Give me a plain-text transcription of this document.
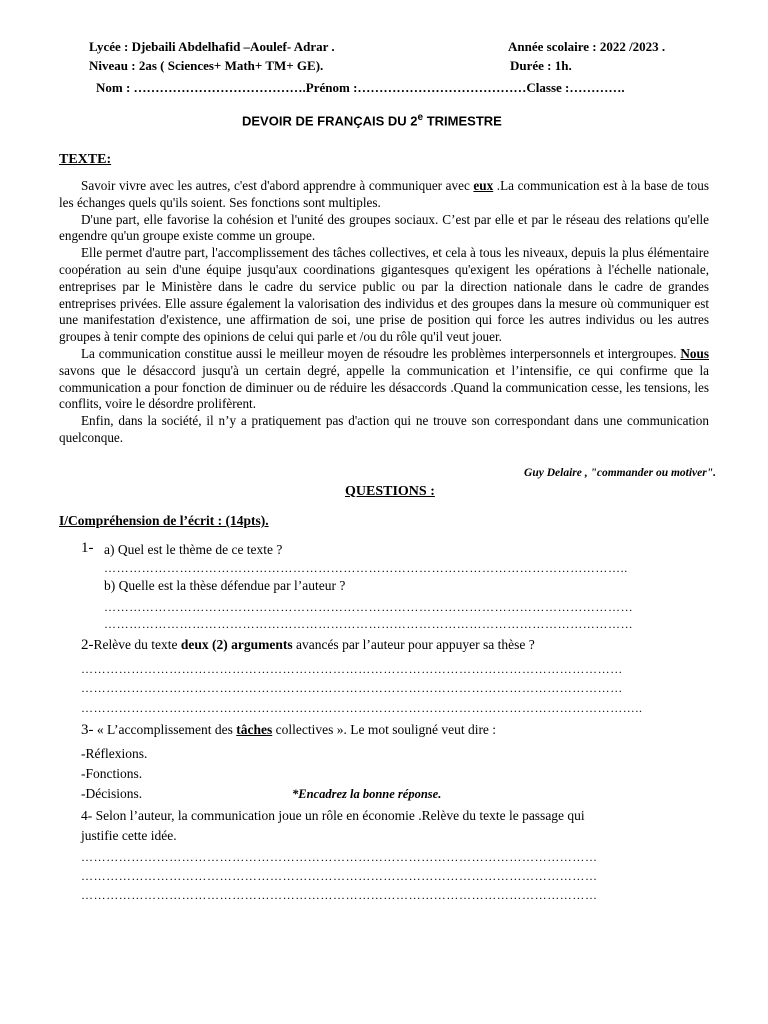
Lycée : Djebaili Abdelhafid –Aoulef- Adrar .	Année scolaire : 2022 /2023 .
Niveau : 2as ( Sciences+ Math+ TM+ GE).	Durée : 1h.
Nom : ………………………………….Prénom :…………………………………Classe :………….
DEVOIR DE FRANÇAIS DU 2e TRIMESTRE
TEXTE:

Savoir vivre avec les autres, c'est d'abord apprendre à communiquer avec eux .La communication est à la base de tous les échanges quels qu'ils soient. Ses fonctions sont multiples.

D'une part, elle favorise la cohésion et l'unité des groupes sociaux. C’est par elle et par le réseau des relations qu'elle engendre qu'un groupe existe comme un groupe.

Elle permet d'autre part, l'accomplissement des tâches collectives, et cela à tous les niveaux, depuis la plus élémentaire coopération au sein d'une équipe jusqu'aux coordinations gigantesques qu'exigent les opérations à l'échelle nationale, entreprises par le Ministère dans le cadre du service public ou par la direction nationale dans le cadre de grandes entreprises privées. Elle assure également la valorisation des individus et des groupes dans la mesure où communiquer est une manifestation d'existence, une affirmation de soi, une prise de position qui force les autres individus ou les autres groupes à tenir compte des opinions de celui qui parle et /ou du rôle qu'il veut jouer.

La communication constitue aussi le meilleur moyen de résoudre les problèmes interpersonnels et intergroupes. Nous savons que le désaccord jusqu'à un certain degré, appelle la communication et l’intensifie, ce qui confirme que la communication a pour fonction de diminuer ou de réduire les désaccords .Quand la communication cesse, les tensions, les conflits, voire le désordre prolifèrent.

Enfin, dans la société, il n’y a pratiquement pas d'action qui ne trouve son correspondant dans une communication quelconque.

Guy Delaire , "commander ou motiver".
QUESTIONS :
I/Compréhension de l’écrit : (14pts).
1- a) Quel est le thème de ce texte ?
……………………………………………………………………………………………………………..
b) Quelle est la thèse défendue par l’auteur ?
………………………………………………………………………………………………………………
………………………………………………………………………………………………………………
2-Relève du texte deux (2) arguments avancés par l’auteur pour appuyer sa thèse ?
…………………………………………………………………………………………………………………
…………………………………………………………………………………………………………………
……………………………………………………………………………………………………………………..
3- « L’accomplissement des tâches collectives ». Le mot souligné veut dire :
-Réflexions.
-Fonctions.
-Décisions.	*Encadrez la bonne réponse.
4- Selon l’auteur, la communication joue un rôle en économie .Relève du texte le passage qui
justifie cette idée.
……………………………………………………………………………………………………………
……………………………………………………………………………………………………………
……………………………………………………………………………………………………………
